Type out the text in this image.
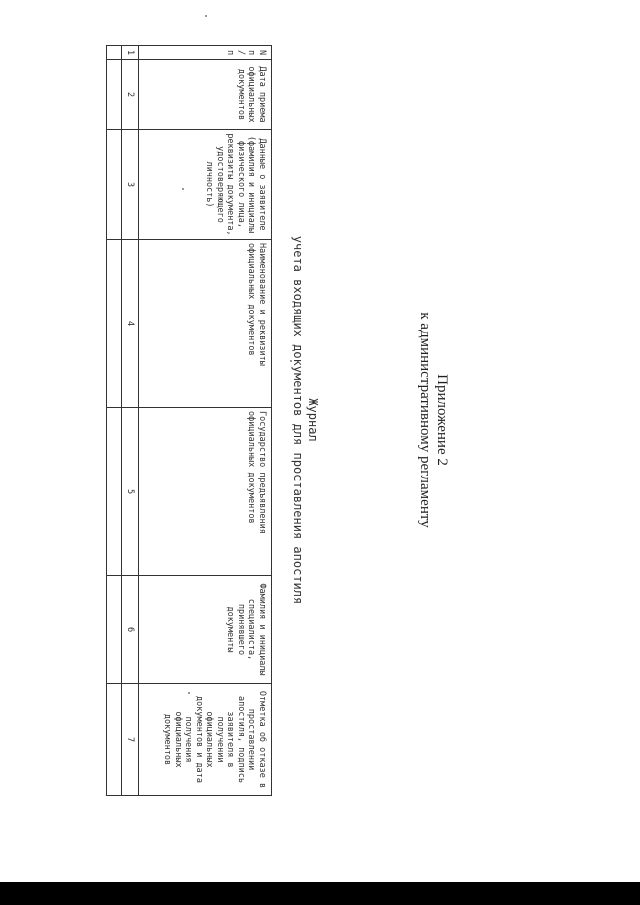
Приложение 2
к административному регламенту
Журнал
учета входящих документов для проставления апостиля
N п/п	Дата приема официальных документов	Данные о заявителе (фамилия и инициалы физического лица, реквизиты документа, удостоверяющего личность)	Наименование и реквизиты официальных документов	Государство предъявления официальных документов	Фамилия и инициалы специалиста, принявшего документы	Отметка об отказе в проставлении апостиля, подпись заявителя в получении официальных документов и дата получения официальных документов
1	2	3	4	5	6	7
